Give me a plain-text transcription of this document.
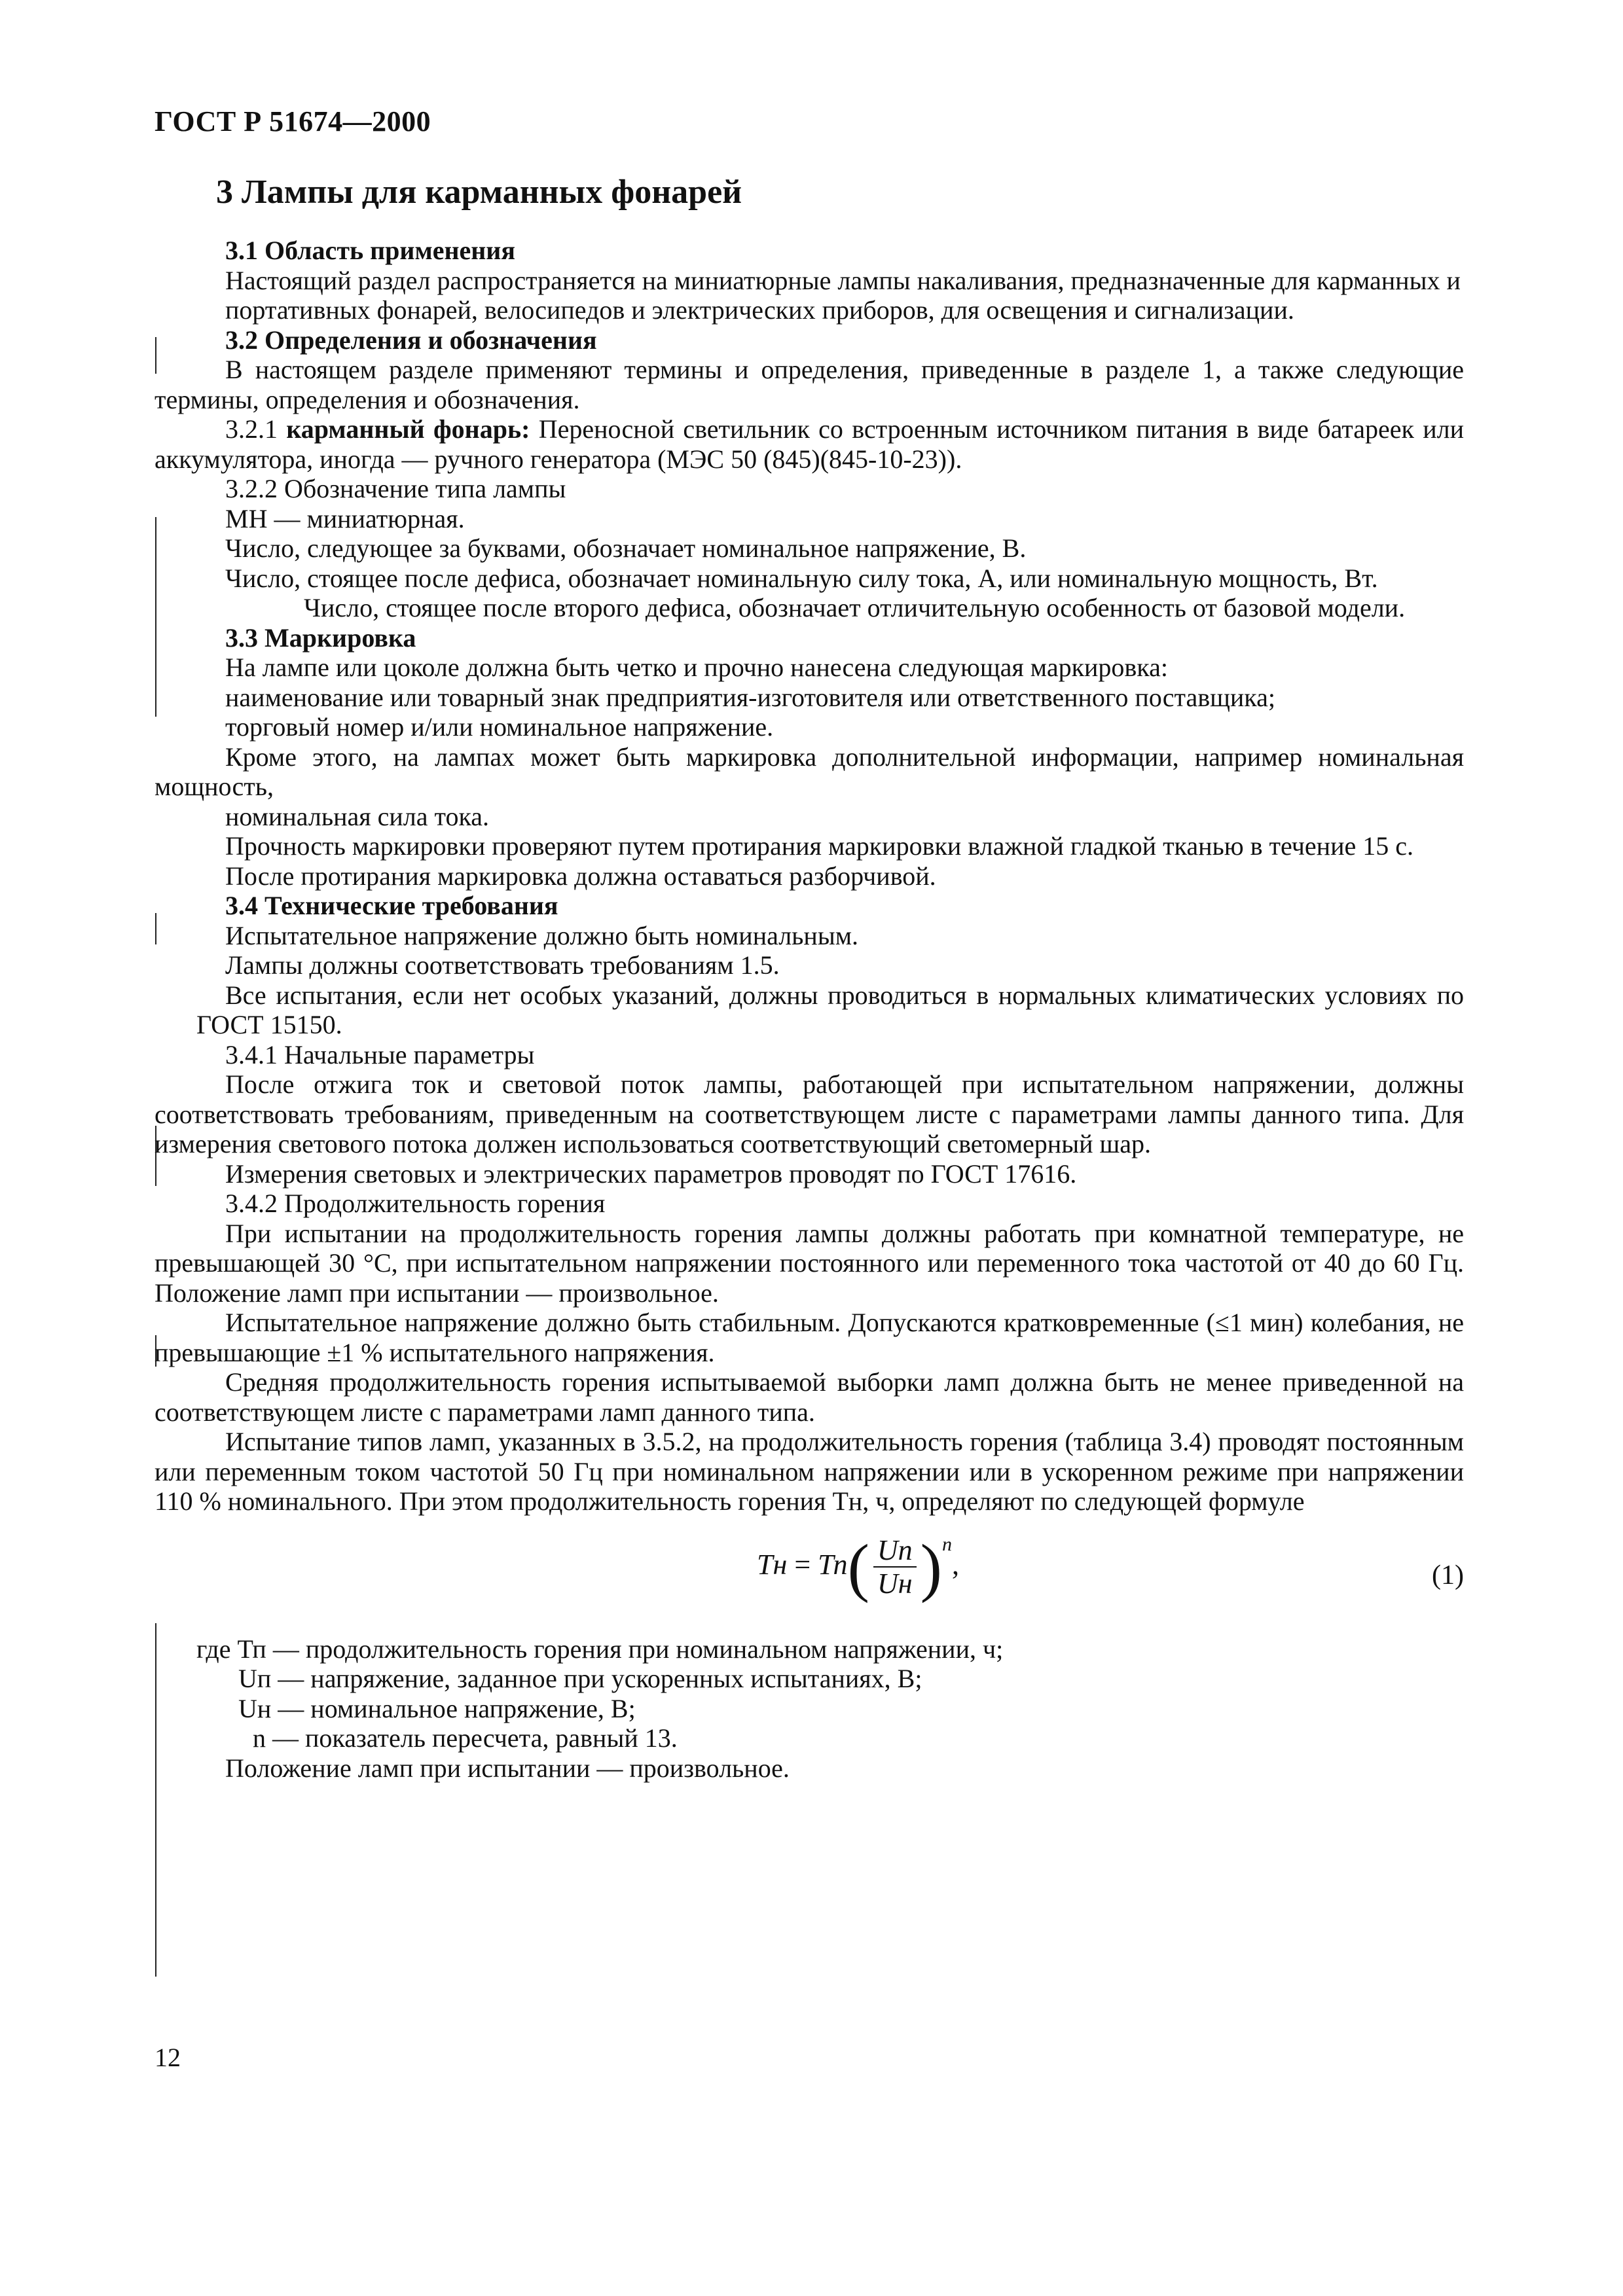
ГОСТ Р 51674—2000
3 Лампы для карманных фонарей

3.1 Область применения

Настоящий раздел распространяется на миниатюрные лампы накаливания, предназначенные для карманных и

портативных фонарей, велосипедов и электрических приборов, для освещения и сигнализации.

3.2 Определения и обозначения

В настоящем разделе применяют термины и определения, приведенные в разделе 1, а также следующие термины, определения и обозначения.

3.2.1 карманный фонарь: Переносной светильник со встроенным источником питания в виде батареек или аккумулятора, иногда — ручного генератора (МЭС 50 (845)(845-10-23)).

3.2.2 Обозначение типа лампы

МН — миниатюрная.

Число, следующее за буквами, обозначает номинальное напряжение, В.

Число, стоящее после дефиса, обозначает номинальную силу тока, А, или номинальную мощность, Вт.

Число, стоящее после второго дефиса, обозначает отличительную особенность от базовой модели.

3.3 Маркировка

На лампе или цоколе должна быть четко и прочно нанесена следующая маркировка:

наименование или товарный знак предприятия-изготовителя или ответственного поставщика;

торговый номер и/или номинальное напряжение.

Кроме этого, на лампах может быть маркировка дополнительной информации, например номинальная мощность,

номинальная сила тока.

Прочность маркировки проверяют путем протирания маркировки влажной гладкой тканью в течение 15 с.

После протирания маркировка должна оставаться разборчивой.

3.4 Технические требования

Испытательное напряжение должно быть номинальным.

Лампы должны соответствовать требованиям 1.5.

Все испытания, если нет особых указаний, должны проводиться в нормальных климатических условиях по ГОСТ 15150.

3.4.1 Начальные параметры

После отжига ток и световой поток лампы, работающей при испытательном напряжении, должны соответствовать требованиям, приведенным на соответствующем листе с параметрами лампы данного типа. Для измерения светового потока должен использоваться соответствующий светомерный шар.

Измерения световых и электрических параметров проводят по ГОСТ 17616.

3.4.2 Продолжительность горения

При испытании на продолжительность горения лампы должны работать при комнатной температуре, не превышающей 30 °С, при испытательном напряжении постоянного или переменного тока частотой от 40 до 60 Гц. Положение ламп при испытании — произвольное.

Испытательное напряжение должно быть стабильным. Допускаются кратковременные (≤1 мин) колебания, не превышающие ±1 % испытательного напряжения.

Средняя продолжительность горения испытываемой выборки ламп должна быть не менее приведенной на соответствующем листе с параметрами ламп данного типа.

Испытание типов ламп, указанных в 3.5.2, на продолжительность горения (таблица 3.4) проводят постоянным или переменным током частотой 50 Гц при номинальном напряжении или в ускоренном режиме при напряжении 110 % номинального. При этом продолжительность горения Тн, ч, определяют по следующей формуле

Тн = $Тп( \frac{Uп}{Uн} )^n$,	(1)

где Тп — продолжительность горения при номинальном напряжении, ч;

Uп — напряжение, заданное при ускоренных испытаниях, В;

Uн — номинальное напряжение, В;

n — показатель пересчета, равный 13.

Положение ламп при испытании — произвольное.

12
